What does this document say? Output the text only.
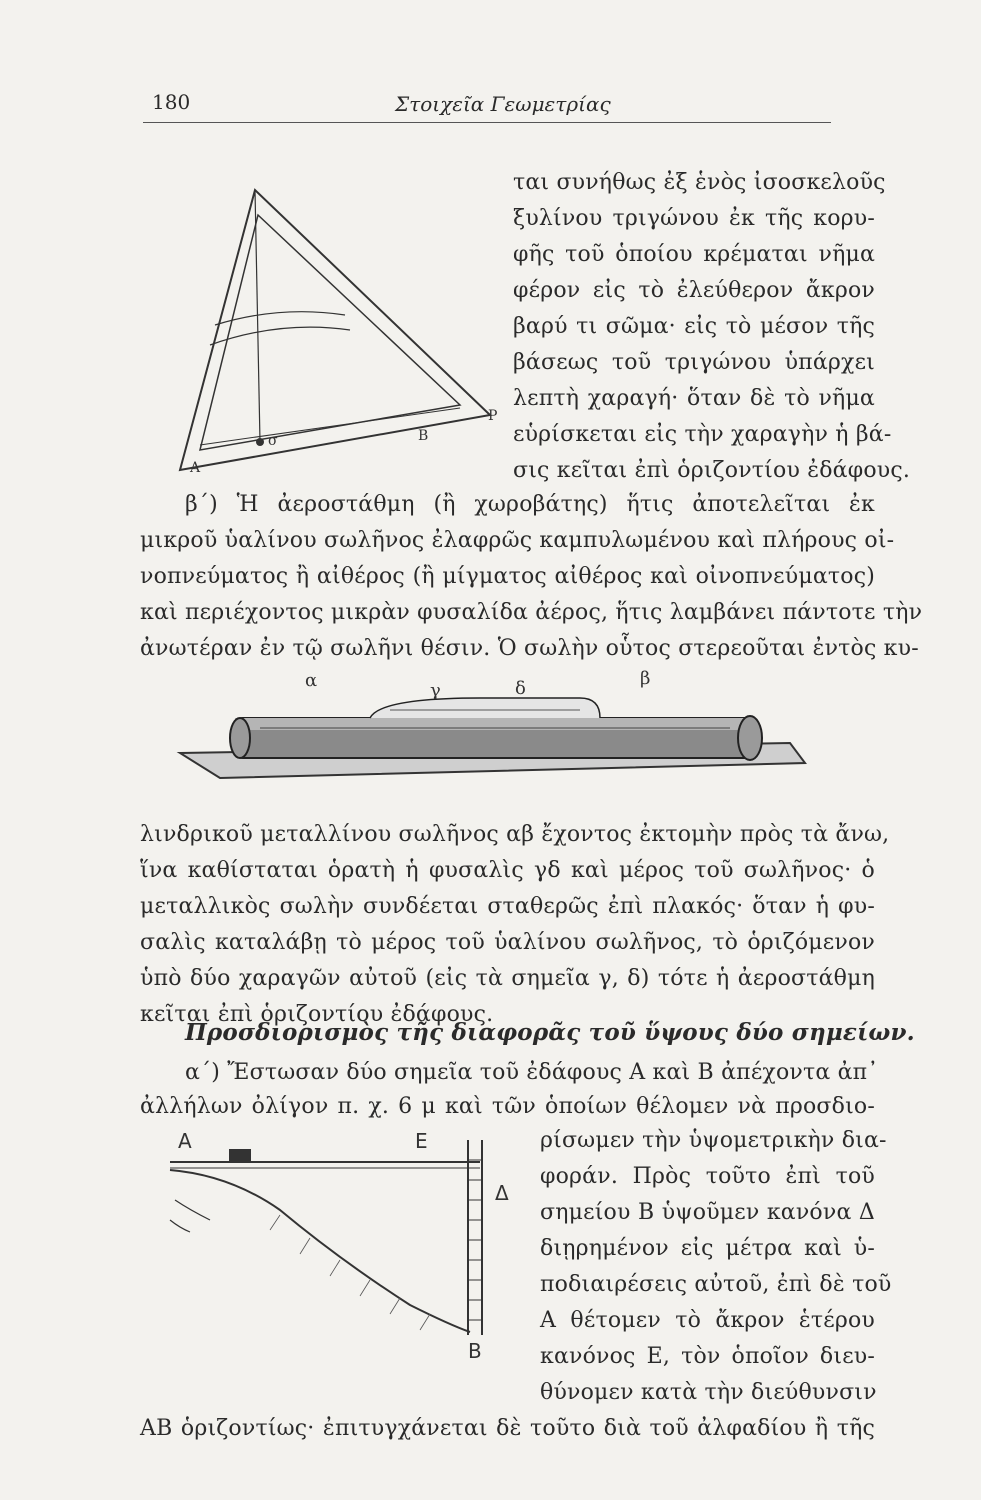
180	Στοιχεῖα Γεωμετρίας
A
B
P
σ
ται συνήθως ἐξ ἑνὸς ἰσοσκελοῦς
ξυλίνου τριγώνου ἐκ τῆς κορυ-
φῆς τοῦ ὁποίου κρέμαται νῆμα
φέρον εἰς τὸ ἐλεύθερον ἄκρον
βαρύ τι σῶμα· εἰς τὸ μέσον τῆς
βάσεως τοῦ τριγώνου ὑπάρχει
λεπτὴ χαραγή· ὅταν δὲ τὸ νῆμα
εὑρίσκεται εἰς τὴν χαραγὴν ἡ βά-
σις κεῖται ἐπὶ ὁριζοντίου ἐδάφους.
β΄) Ἡ ἀεροστάθμη (ἢ χωροβάτης) ἥτις ἀποτελεῖται ἐκ
μικροῦ ὑαλίνου σωλῆνος ἐλαφρῶς καμπυλωμένου καὶ πλήρους οἰ-
νοπνεύματος ἢ αἰθέρος (ἢ μίγματος αἰθέρος καὶ οἰνοπνεύματος)
καὶ περιέχοντος μικρὰν φυσαλίδα ἀέρος, ἥτις λαμβάνει πάντοτε τὴν
ἀνωτέραν ἐν τῷ σωλῆνι θέσιν. Ὁ σωλὴν οὗτος στερεοῦται ἐντὸς κυ-
α	γ	δ	β
λινδρικοῦ μεταλλίνου σωλῆνος αβ ἔχοντος ἐκτομὴν πρὸς τὰ ἄνω,
ἵνα καθίσταται ὁρατὴ ἡ φυσαλὶς γδ καὶ μέρος τοῦ σωλῆνος· ὁ
μεταλλικὸς σωλὴν συνδέεται σταθερῶς ἐπὶ πλακός· ὅταν ἡ φυ-
σαλὶς καταλάβῃ τὸ μέρος τοῦ ὑαλίνου σωλῆνος, τὸ ὁριζόμενον
ὑπὸ δύο χαραγῶν αὐτοῦ (εἰς τὰ σημεῖα γ, δ) τότε ἡ ἀεροστάθμη
κεῖται ἐπὶ ὁριζοντίου ἐδάφους.
Προσδιορισμὸς τῆς διαφορᾶς τοῦ ὕψους δύο σημείων.
α΄) Ἔστωσαν δύο σημεῖα τοῦ ἐδάφους Α καὶ Β ἀπέχοντα ἀπ᾿
ἀλλήλων ὀλίγον π. χ. 6 μ καὶ τῶν ὁποίων θέλομεν νὰ προσδιο-
A	E
Δ
B
ρίσωμεν τὴν ὑψομετρικὴν δια-
φοράν. Πρὸς τοῦτο ἐπὶ τοῦ
σημείου Β ὑψοῦμεν κανόνα Δ
διῃρημένον εἰς μέτρα καὶ ὑ-
ποδιαιρέσεις αὐτοῦ, ἐπὶ δὲ τοῦ
Α θέτομεν τὸ ἄκρον ἑτέρου
κανόνος Ε, τὸν ὁποῖον διευ-
θύνομεν κατὰ τὴν διεύθυνσιν
ΑΒ ὁριζοντίως· ἐπιτυγχάνεται δὲ τοῦτο διὰ τοῦ ἀλφαδίου ἢ τῆς
